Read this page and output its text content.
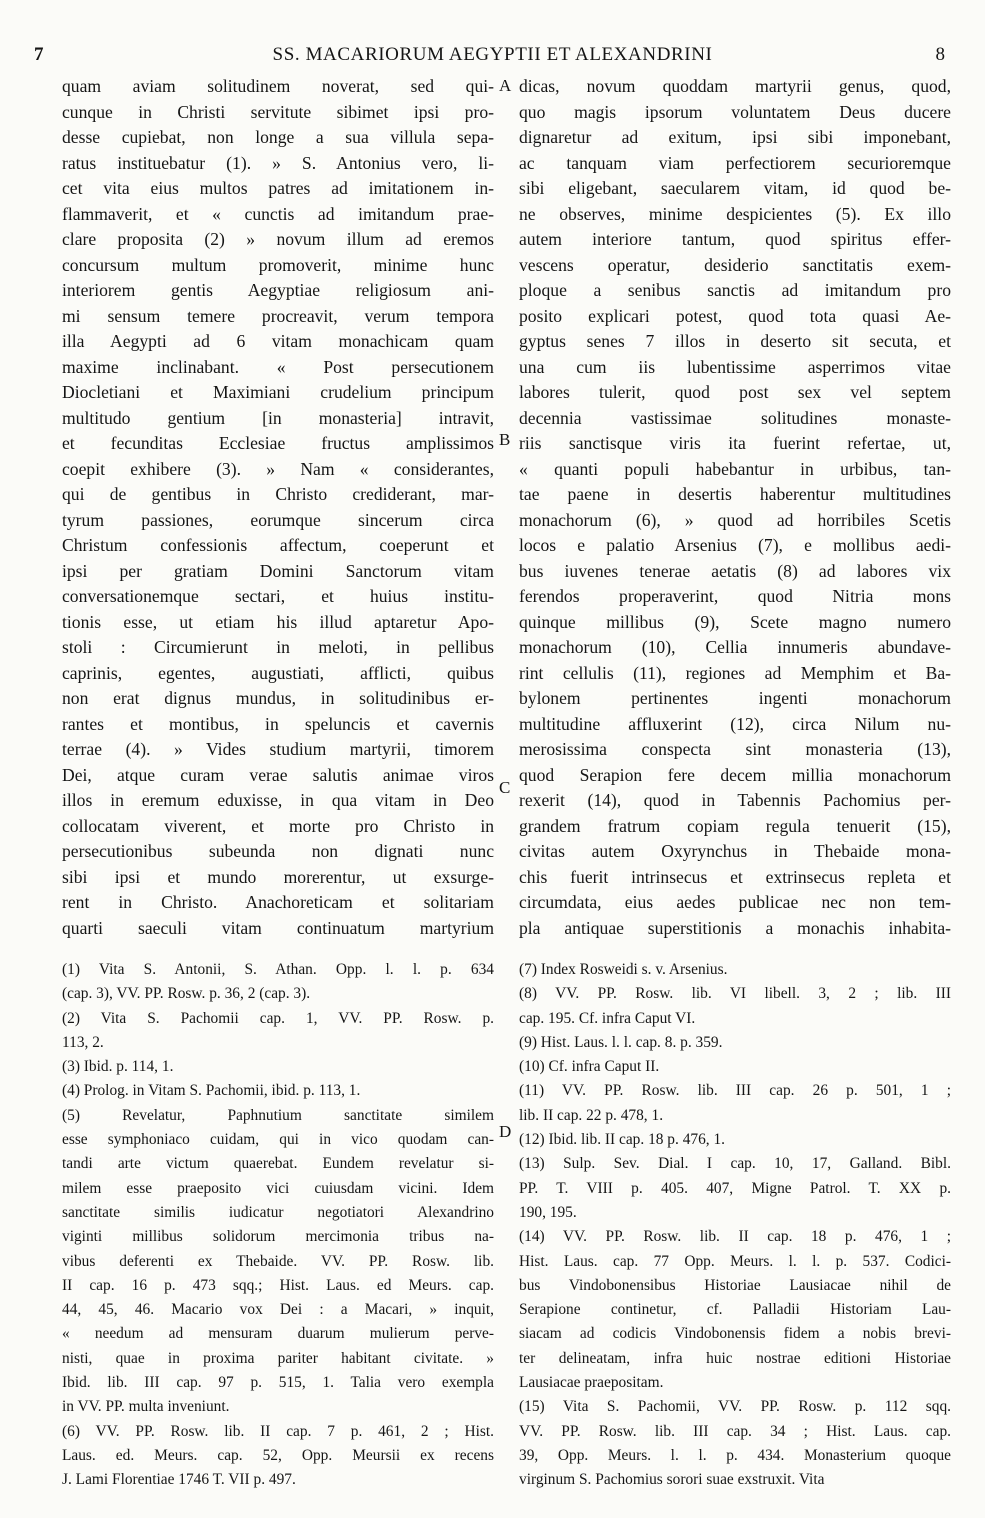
7	SS. MACARIORUM AEGYPTII ET ALEXANDRINI	8
quam aviam solitudinem noverat, sed qui-
cunque in Christi servitute sibimet ipsi pro-
desse cupiebat, non longe a sua villula sepa-
ratus instituebatur (1). » S. Antonius vero, li-
cet vita eius multos patres ad imitationem in-
flammaverit, et « cunctis ad imitandum prae-
clare proposita (2) » novum illum ad eremos
concursum multum promoverit, minime hunc
interiorem gentis Aegyptiae religiosum ani-
mi sensum temere procreavit, verum tempora
illa Aegypti ad 6 vitam monachicam quam
maxime inclinabant. « Post persecutionem
Diocletiani et Maximiani crudelium principum
multitudo gentium [in monasteria] intravit,
et fecunditas Ecclesiae fructus amplissimos
coepit exhibere (3). » Nam « considerantes,
qui de gentibus in Christo crediderant, mar-
tyrum passiones, eorumque sincerum circa
Christum confessionis affectum, coeperunt et
ipsi per gratiam Domini Sanctorum vitam
conversationemque sectari, et huius institu-
tionis esse, ut etiam his illud aptaretur Apo-
stoli : Circumierunt in meloti, in pellibus
caprinis, egentes, augustiati, afflicti, quibus
non erat dignus mundus, in solitudinibus er-
rantes et montibus, in speluncis et cavernis
terrae (4). » Vides studium martyrii, timorem
Dei, atque curam verae salutis animae viros
illos in eremum eduxisse, in qua vitam in Deo
collocatam viverent, et morte pro Christo in
persecutionibus subeunda non dignati nunc
sibi ipsi et mundo morerentur, ut exsurge-
rent in Christo. Anachoreticam et solitariam
quarti saeculi vitam continuatum martyrium
dicas, novum quoddam martyrii genus, quod,
quo magis ipsorum voluntatem Deus ducere
dignaretur ad exitum, ipsi sibi imponebant,
ac tanquam viam perfectiorem securioremque
sibi eligebant, saecularem vitam, id quod be-
ne observes, minime despicientes (5). Ex illo
autem interiore tantum, quod spiritus effer-
vescens operatur, desiderio sanctitatis exem-
ploque a senibus sanctis ad imitandum pro
posito explicari potest, quod tota quasi Ae-
gyptus senes 7 illos in deserto sit secuta, et
una cum iis lubentissime asperrimos vitae
labores tulerit, quod post sex vel septem
decennia vastissimae solitudines monaste-
riis sanctisque viris ita fuerint refertae, ut,
« quanti populi habebantur in urbibus, tan-
tae paene in desertis haberentur multitudines
monachorum (6), » quod ad horribiles Scetis
locos e palatio Arsenius (7), e mollibus aedi-
bus iuvenes tenerae aetatis (8) ad labores vix
ferendos properaverint, quod Nitria mons
quinque millibus (9), Scete magno numero
monachorum (10), Cellia innumeris abundave-
rint cellulis (11), regiones ad Memphim et Ba-
bylonem pertinentes ingenti monachorum
multitudine affluxerint (12), circa Nilum nu-
merosissima conspecta sint monasteria (13),
quod Serapion fere decem millia monachorum
rexerit (14), quod in Tabennis Pachomius per-
grandem fratrum copiam regula tenuerit (15),
civitas autem Oxyrynchus in Thebaide mona-
chis fuerit intrinsecus et extrinsecus repleta et
circumdata, eius aedes publicae nec non tem-
pla antiquae superstitionis a monachis inhabita-
(1) Vita S. Antonii, S. Athan. Opp. l. l. p. 634
(cap. 3), VV. PP. Rosw. p. 36, 2 (cap. 3).
(2) Vita S. Pachomii cap. 1, VV. PP. Rosw. p.
113, 2.
(3) Ibid. p. 114, 1.
(4) Prolog. in Vitam S. Pachomii, ibid. p. 113, 1.
(5) Revelatur, Paphnutium sanctitate similem
esse symphoniaco cuidam, qui in vico quodam can-
tandi arte victum quaerebat. Eundem revelatur si-
milem esse praeposito vici cuiusdam vicini. Idem
sanctitate similis iudicatur negotiatori Alexandrino
viginti millibus solidorum mercimonia tribus na-
vibus deferenti ex Thebaide. VV. PP. Rosw. lib.
II cap. 16 p. 473 sqq.; Hist. Laus. ed Meurs. cap.
44, 45, 46. Macario vox Dei : a Macari, » inquit,
« needum ad mensuram duarum mulierum perve-
nisti, quae in proxima pariter habitant civitate. »
Ibid. lib. III cap. 97 p. 515, 1. Talia vero exempla
in VV. PP. multa inveniunt.
(6) VV. PP. Rosw. lib. II cap. 7 p. 461, 2 ; Hist.
Laus. ed. Meurs. cap. 52, Opp. Meursii ex recens
J. Lami Florentiae 1746 T. VII p. 497.
(7) Index Rosweidi s. v. Arsenius.
(8) VV. PP. Rosw. lib. VI libell. 3, 2 ; lib. III
cap. 195. Cf. infra Caput VI.
(9) Hist. Laus. l. l. cap. 8. p. 359.
(10) Cf. infra Caput II.
(11) VV. PP. Rosw. lib. III cap. 26 p. 501, 1 ;
lib. II cap. 22 p. 478, 1.
(12) Ibid. lib. II cap. 18 p. 476, 1.
(13) Sulp. Sev. Dial. I cap. 10, 17, Galland. Bibl.
PP. T. VIII p. 405. 407, Migne Patrol. T. XX p.
190, 195.
(14) VV. PP. Rosw. lib. II cap. 18 p. 476, 1 ;
Hist. Laus. cap. 77 Opp. Meurs. l. l. p. 537. Codici-
bus Vindobonensibus Historiae Lausiacae nihil de
Serapione continetur, cf. Palladii Historiam Lau-
siacam ad codicis Vindobonensis fidem a nobis brevi-
ter delineatam, infra huic nostrae editioni Historiae
Lausiacae praepositam.
(15) Vita S. Pachomii, VV. PP. Rosw. p. 112 sqq.
VV. PP. Rosw. lib. III cap. 34 ; Hist. Laus. cap.
39, Opp. Meurs. l. l. p. 434. Monasterium quoque
virginum S. Pachomius sorori suae exstruxit. Vita
A
B
C
D
